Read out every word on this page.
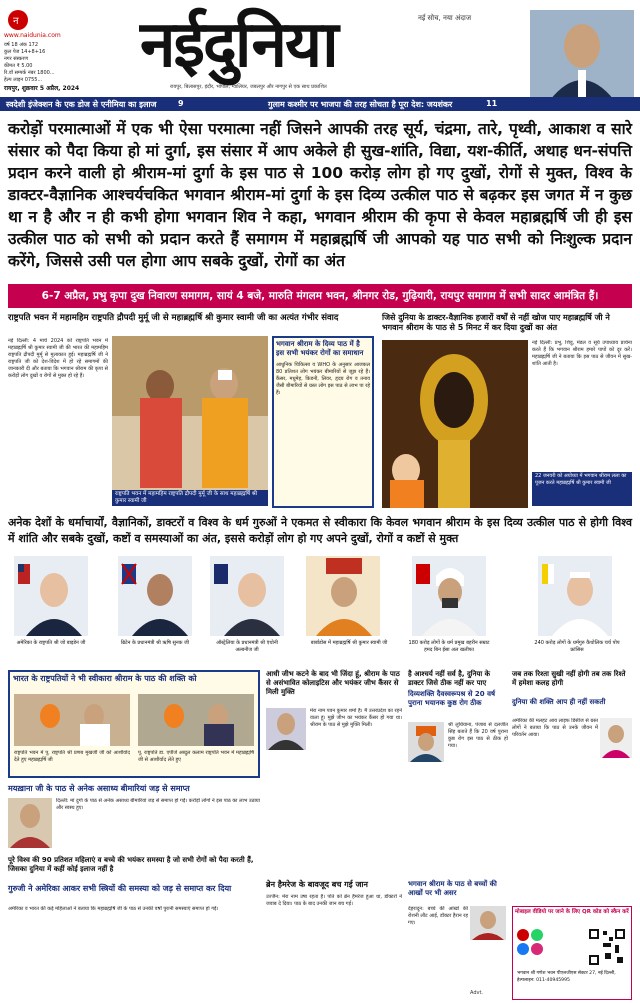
न
www.naidunia.com
वर्ष 18 अंक 172
कुल पेज 14+8+16
नगर संस्करण
कीमत ₹ 5.00
रि.वॉ सम्पर्क नंबर 1800...
हेल्प लाइन 0755...	नईदुनिया	नई सोच, नया अंदाज
रायपुर, शुक्रवार 5 अप्रैल, 2024	रायपुर, बिलासपुर, इंदौर, भोपाल, ग्वालियर, जबलपुर और नागपुर से एक साथ प्रकाशित
स्वदेशी इंजेक्शन के एक डोज से एनीमिया का इलाज	9	गुलाम कश्मीर पर भाजपा की तरह सोचता है पूरा देश: जयशंकर	11
करोड़ों परमात्माओं में एक भी ऐसा परमात्मा नहीं जिसने आपकी तरह सूर्य, चंद्रमा, तारे, पृथ्वी, आकाश व सारे संसार को पैदा किया हो मां दुर्गा, इस संसार में आप अकेले ही सुख-शांति, विद्या, यश-कीर्ति, अथाह धन-संपत्ति प्रदान करने वाली हो श्रीराम-मां दुर्गा के इस पाठ से 100 करोड़ लोग हो गए दुखों, रोगों से मुक्त, विश्व के डाक्टर-वैज्ञानिक आश्चर्यचकित भगवान श्रीराम-मां दुर्गा के इस दिव्य उत्कील पाठ से बढ़कर इस जगत में न कुछ था न है और न ही कभी होगा भगवान शिव ने कहा, भगवान श्रीराम की कृपा से केवल महाब्रह्मर्षि जी ही इस उत्कील पाठ को सभी को प्रदान करते हैं समागम में महाब्रह्मर्षि जी आपको यह पाठ सभी को निःशुल्क प्रदान करेंगे, जिससे उसी पल होगा आप सबके दुखों, रोगों का अंत
6-7 अप्रैल, प्रभु कृपा दुख निवारण समागम, सायं 4 बजे, मारुति मंगलम भवन, श्रीनगर रोड, गुढ़ियारी, रायपुर समागम में सभी सादर आमंत्रित हैं।
राष्ट्रपति भवन में महामहिम राष्ट्रपति द्रौपदी मुर्मू जी से महाब्रह्मर्षि श्री कुमार स्वामी जी का अत्यंत गंभीर संवाद
नई दिल्ली: 4 मार्च 2024 को राष्ट्रपति भवन में महाब्रह्मर्षि श्री कुमार स्वामी जी की भारत की महामहिम राष्ट्रपति द्रौपदी मुर्मू से मुलाकात हुई। महाब्रह्मर्षि जी ने राष्ट्रपति जी को देश-विदेश में हो रहे समागमों की जानकारी दी और बताया कि भगवान श्रीराम की कृपा से करोड़ों लोग दुखों व रोगों से मुक्त हो रहे हैं।
राष्ट्रपति भवन में महामहिम राष्ट्रपति द्रौपदी मुर्मू जी के साथ महाब्रह्मर्षि श्री कुमार स्वामी जी
भगवान श्रीराम के दिव्य पाठ में है इस सभी भयंकर रोगों का समाधान
आधुनिक चिकित्सा व WHO के अनुसार आजकल 80 प्रतिशत लोग भयंकर बीमारियों से जूझ रहे हैं। कैंसर, मधुमेह, किडनी, लिवर, हृदय रोग व तनाव जैसी बीमारियों से ग्रस्त लोग इस पाठ से लाभ पा रहे हैं।
जिसे दुनिया के डाक्टर-वैज्ञानिक हजारों वर्षों से नहीं खोज पाए महाब्रह्मर्षि जी ने भगवान श्रीराम के पाठ से 5 मिनट में कर दिया दुखों का अंत
नई दिल्ली: प्रभु, शिवु, मंडल व सूर्य उपाध्याय प्रार्थना करते हैं कि भगवान श्रीराम हमारे पापों को दूर करें। महाब्रह्मर्षि जी ने बताया कि इस पाठ से जीवन में सुख-शांति आती है।
22 जनवरी को अयोध्या में भगवान श्रीराम लला का पूजन करते महाब्रह्मर्षि श्री कुमार स्वामी जी
अनेक देशों के धर्माचार्यों, वैज्ञानिकों, डाक्टरों व विश्व के धर्म गुरुओं ने एकमत से स्वीकारा कि केवल भगवान श्रीराम के इस दिव्य उत्कील पाठ से होगी विश्व में शांति और सबके दुखों, कष्टों व समस्याओं का अंत, इससे करोड़ों लोग हो गए अपने दुखों, रोगों व कष्टों से मुक्त
अमेरिका के राष्ट्रपति श्री जो बाइडेन जी	ब्रिटेन के प्रधानमंत्री श्री ऋषि सुनक जी	ऑस्ट्रेलिया के प्रधानमंत्री श्री एंथोनी अल्बनीज जी
बार्बाडोस में महाब्रह्मर्षि श्री कुमार स्वामी जी	180 करोड़ लोगों के धर्म प्रमुख बहरीन सम्राट हमद बिन ईसा अल खलीफा
240 करोड़ लोगों के धर्मगुरु कैथोलिक चर्च पोप फ्रांसिस
भारत के राष्ट्रपतियों ने भी स्वीकारा श्रीराम के पाठ की शक्ति को
राष्ट्रपति भवन में पू. राष्ट्रपति श्री प्रणब मुखर्जी जी को आशीर्वाद देते हुए महाब्रह्मर्षि जी
पू. राष्ट्रपति डा. एपीजे अब्दुल कलाम राष्ट्रपति भवन में महाब्रह्मर्षि जी से आशीर्वाद लेते हुए
मयख़ाना जी के पाठ से अनेक असाध्य बीमारियां जड़ से समाप्त
दिल्ली: मां दुर्गा के पाठ से अनेक असाध्य बीमारियां जड़ से समाप्त हो गईं। करोड़ों लोगों ने इस पाठ का लाभ उठाया और स्वस्थ हुए।
पूरे विश्व की 90 प्रतिशत महिलाएं व बच्चे की भयंकर समस्या है जो सभी रोगों को पैदा करती हैं, जिसका दुनिया में कहीं कोई इलाज नहीं है
गुरुजी ने अमेरिका आकर सभी स्त्रियों की समस्या को जड़ से समाप्त कर दिया
अमेरिका व भारत की कई महिलाओं ने बताया कि महाब्रह्मर्षि जी के पाठ से उनकी वर्षों पुरानी समस्याएं समाप्त हो गईं।
आधी जीभ कटने के बाद भी जिंदा हूं, श्रीराम के पाठ से असंभावित कोलाइटिस और भयंकर जीभ कैंसर से मिली मुक्ति
मेरा नाम पवन कुमार शर्मा है। मैं उत्तरप्रदेश का रहने वाला हूं। मुझे जीभ का भयंकर कैंसर हो गया था। श्रीराम के पाठ से मुझे मुक्ति मिली।
ब्रेन हैमरेज के बावजूद बच गई जान
उज्जैन: मेरा नाम उषा रहता है। पति को ब्रेन हैमरेज हुआ था, डॉक्टरों ने जवाब दे दिया। पाठ के बाद उनकी जान बच गई।
है आश्चर्य नहीं सर्व है, दुनिया के डाक्टर जिसे ठीक नहीं कर पाए
दिव्यशक्ति दैवस्वरूपश्र से 20 वर्ष पुराना भयानक कुष्ठ रोग ठीक
श्री लुधियाना, पंजाब से दलजीत सिंह बताते हैं कि 20 वर्ष पुराना कुष्ठ रोग इस पाठ से ठीक हो गया।
भगवान श्रीराम के पाठ से बच्चों की आखों पर भी असर
देहरादून: बच्चे की आंखों की रोशनी लौट आई, डॉक्टर हैरान रह गए।
जब तक रिश्ता सुखी नहीं होगी तब तक रिश्ते में हमेशा कलह होगी
दुनिया की शक्ति आप ही नहीं सकती
अमेरिका की मलहट आय लाइफ डिसीज से ग्रस्त लोगों ने बताया कि पाठ से उनके जीवन में परिवर्तन आया।
मोबाइल वीडियो पर जाने के लिए QR कोड को स्कैन करें
भगवान श्री गणेश भवन पीएलजीएस सेक्टर 27, नई दिल्ली, हेल्पलाइन: 011-40945995
Advt.
